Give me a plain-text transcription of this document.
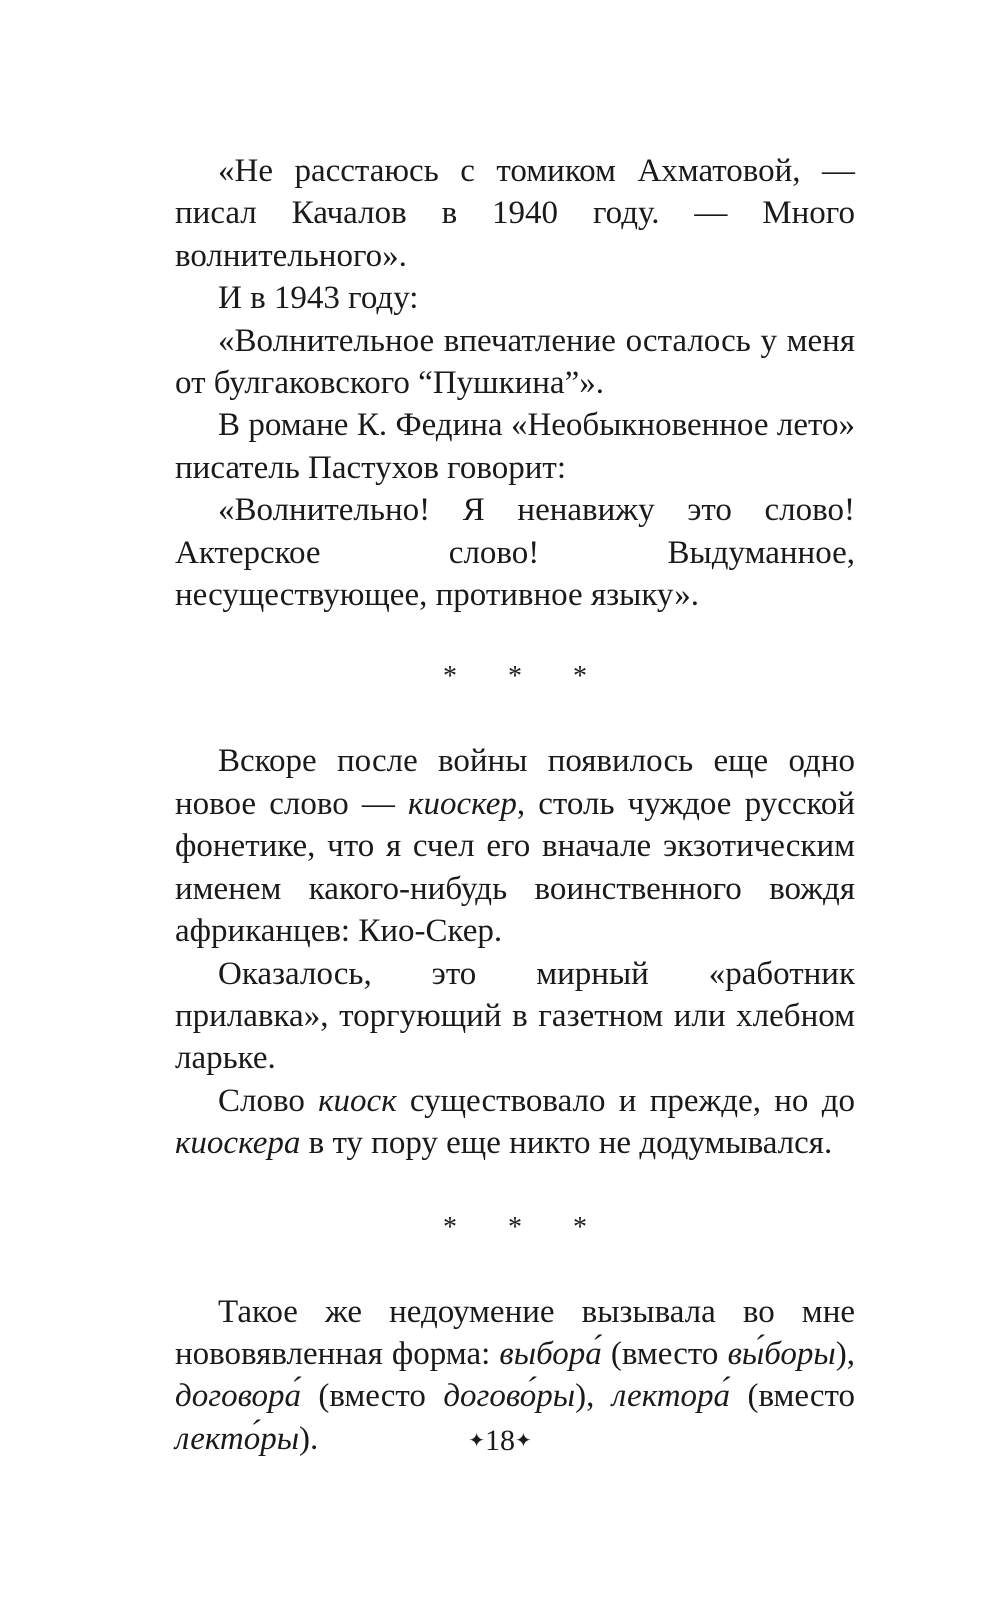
«Не расстаюсь с томиком Ахматовой, — писал Качалов в 1940 году. — Много волнительного».

И в 1943 году:

«Волнительное впечатление осталось у меня от булгаковского “Пушкина”».

В романе К. Федина «Необыкновенное лето» писатель Пастухов говорит:

«Волнительно! Я ненавижу это слово! Актерское слово! Выдуманное, несуществующее, противное языку».

* * *

Вскоре после войны появилось еще одно новое слово — киоскер, столь чуждое русской фонетике, что я счел его вначале экзотическим именем какого-нибудь воинственного вождя африканцев: Кио-Скер.

Оказалось, это мирный «работник прилавка», торгующий в газетном или хлебном ларьке.

Слово киоск существовало и прежде, но до киоскера в ту пору еще никто не додумывался.

* * *

Такое же недоумение вызывала во мне нововявленная форма: выбора́ (вместо вы́боры), договора́ (вместо догово́ры), лектора́ (вместо лекто́ры).	✦18✦
